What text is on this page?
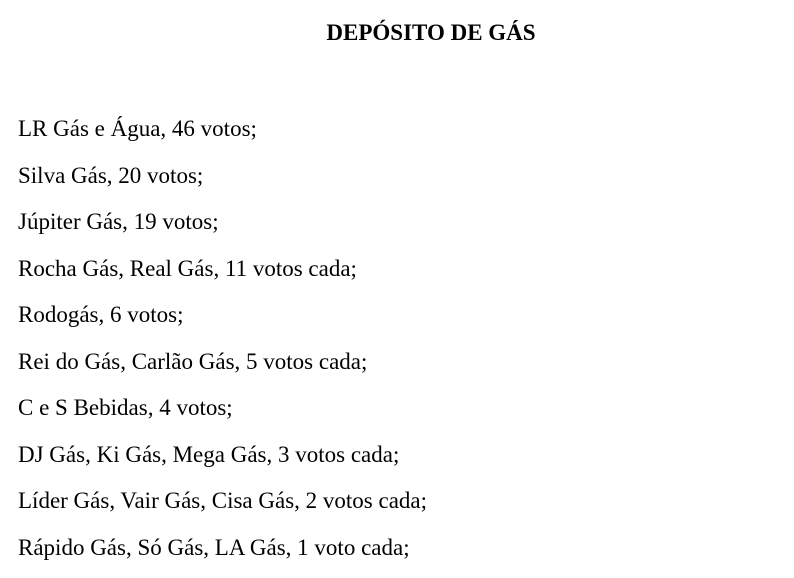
DEPÓSITO DE GÁS
LR Gás e Água, 46 votos;
Silva Gás, 20 votos;
Júpiter Gás, 19 votos;
Rocha Gás, Real Gás, 11 votos cada;
Rodogás, 6 votos;
Rei do Gás, Carlão Gás, 5 votos cada;
C e S Bebidas, 4 votos;
DJ Gás, Ki Gás, Mega Gás, 3 votos cada;
Líder Gás, Vair Gás, Cisa Gás, 2 votos cada;
Rápido Gás, Só Gás, LA Gás, 1 voto cada;
